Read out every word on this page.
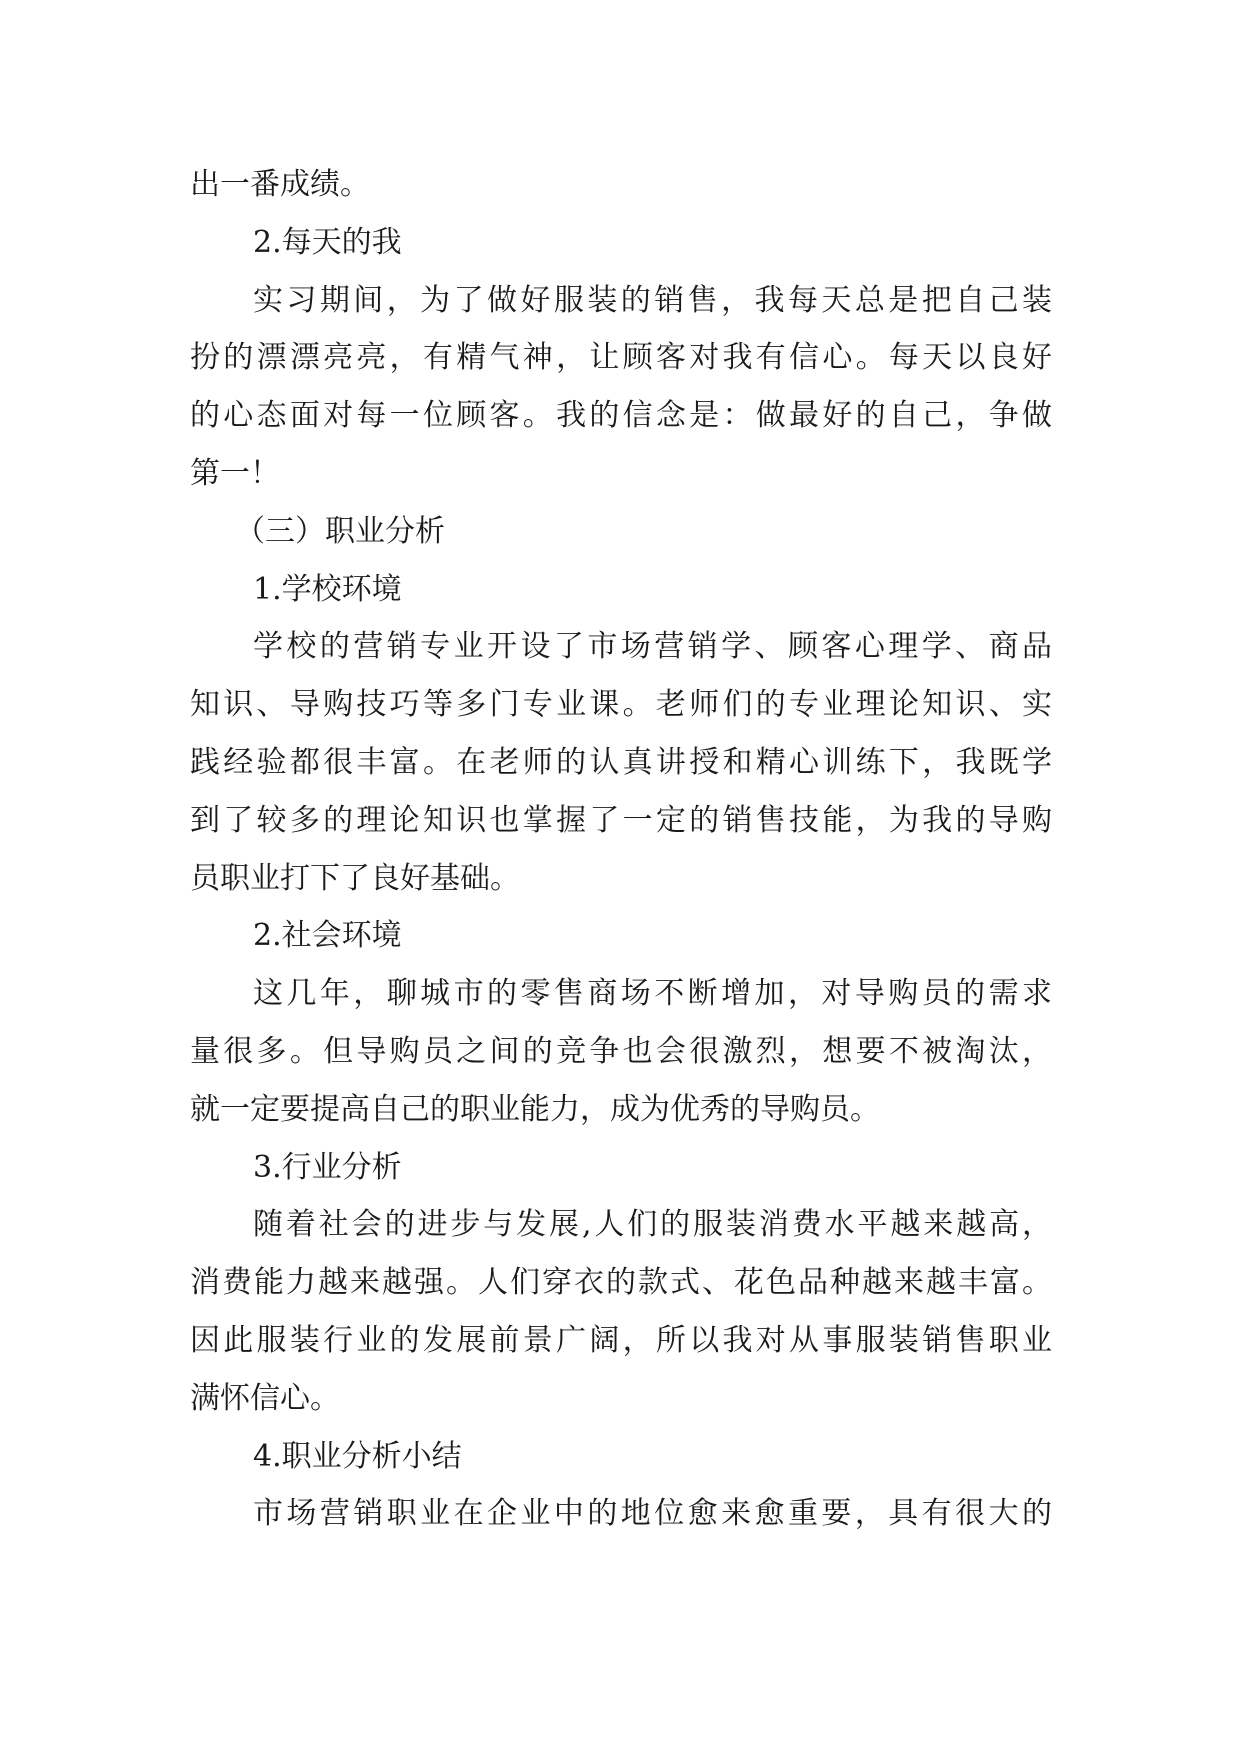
出一番成绩。
2.每天的我
实习期间，为了做好服装的销售，我每天总是把自己装
扮的漂漂亮亮，有精气神，让顾客对我有信心。每天以良好
的心态面对每一位顾客。我的信念是：做最好的自己，争做
第一！
（三）职业分析
1.学校环境
学校的营销专业开设了市场营销学、顾客心理学、商品
知识、导购技巧等多门专业课。老师们的专业理论知识、实
践经验都很丰富。在老师的认真讲授和精心训练下，我既学
到了较多的理论知识也掌握了一定的销售技能，为我的导购
员职业打下了良好基础。
2.社会环境
这几年，聊城市的零售商场不断增加，对导购员的需求
量很多。但导购员之间的竞争也会很激烈，想要不被淘汰，
就一定要提高自己的职业能力，成为优秀的导购员。
3.行业分析
随着社会的进步与发展,人们的服装消费水平越来越高，
消费能力越来越强。人们穿衣的款式、花色品种越来越丰富。
因此服装行业的发展前景广阔，所以我对从事服装销售职业
满怀信心。
4.职业分析小结
市场营销职业在企业中的地位愈来愈重要，具有很大的
